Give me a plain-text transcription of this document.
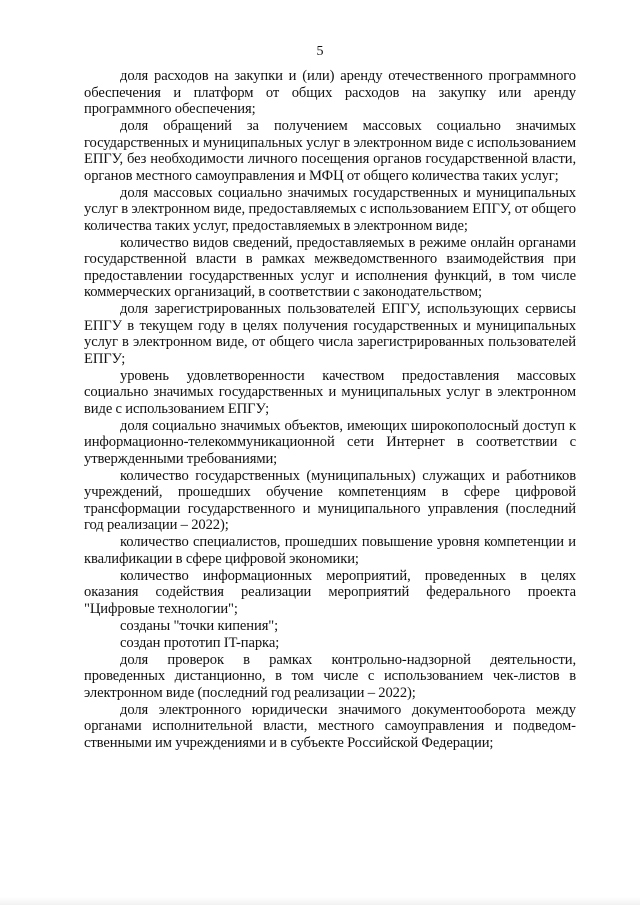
5

доля расходов на закупки и (или) аренду отечественного программного обеспечения и платформ от общих расходов на закупку или аренду программного обеспечения;

доля обращений за получением массовых социально значимых государственных и муниципальных услуг в электронном виде с использованием ЕПГУ, без необходимости личного посещения органов государственной власти, органов местного самоуправления и МФЦ от общего количества таких услуг;

доля массовых социально значимых государственных и муниципальных услуг в электронном виде, предоставляемых с использованием ЕПГУ, от общего количества таких услуг, предоставляемых в электронном виде;

количество видов сведений, предоставляемых в режиме онлайн органами государственной власти в рамках межведомственного взаимодействия при предоставлении государственных услуг и исполнения функций, в том числе коммерческих организаций, в соответствии с законодательством;

доля зарегистрированных пользователей ЕПГУ, использующих сервисы ЕПГУ в текущем году в целях получения государственных и муниципальных услуг в электронном виде, от общего числа зарегистрированных пользователей ЕПГУ;

уровень удовлетворенности качеством предоставления массовых социально значимых государственных и муниципальных услуг в электронном виде с использованием ЕПГУ;

доля социально значимых объектов, имеющих широкополосный доступ к информационно-телекоммуникационной сети Интернет в соответствии с утвержденными требованиями;

количество государственных (муниципальных) служащих и работников учреждений, прошедших обучение компетенциям в сфере цифровой трансформации государственного и муниципального управления (последний год реализации – 2022);

количество специалистов, прошедших повышение уровня компетенции и квалификации в сфере цифровой экономики;

количество информационных мероприятий, проведенных в целях оказания содействия реализации мероприятий федерального проекта "Цифровые технологии";

созданы "точки кипения";

создан прототип IT-парка;

доля проверок в рамках контрольно-надзорной деятельности, проведенных дистанционно, в том числе с использованием чек-листов в электронном виде (последний год реализации – 2022);

доля электронного юридически значимого документооборота между органами исполнительной власти, местного самоуправления и подведомственными им учреждениями и в субъекте Российской Федерации;
